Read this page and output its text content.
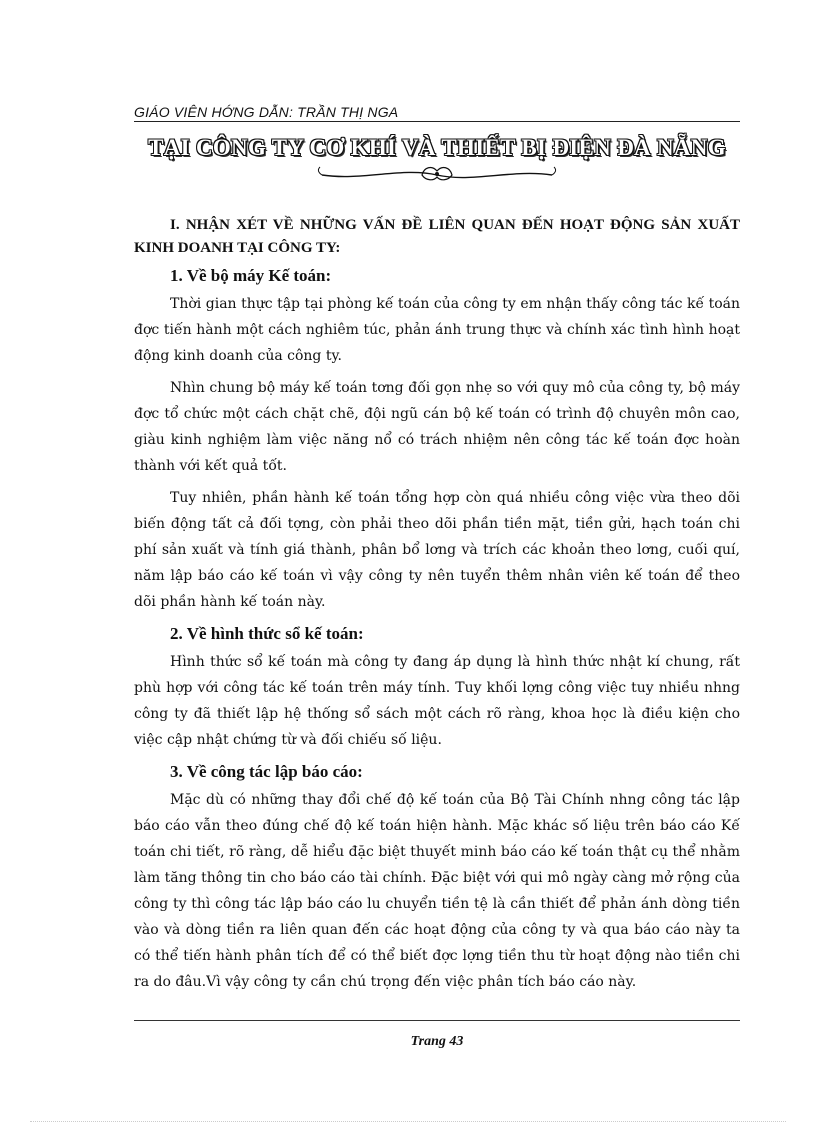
GIÁO VIÊN HỚNG DẪN: TRẦN THỊ NGA
TẠI CÔNG TY CƠ KHÍ VÀ THIẾT BỊ ĐIỆN ĐÀ NẴNG
I. NHẬN XÉT VỀ NHỮNG VẤN ĐỀ LIÊN QUAN ĐẾN HOẠT ĐỘNG SẢN XUẤT KINH DOANH TẠI CÔNG TY:
1. Về bộ máy Kế toán:

Thời gian thực tập tại phòng kế toán của công ty em nhận thấy công tác kế toán đợc tiến hành một cách nghiêm túc, phản ánh trung thực và chính xác tình hình hoạt động kinh doanh của công ty.

Nhìn chung bộ máy kế toán tơng đối gọn nhẹ so với quy mô của công ty, bộ máy đợc tổ chức một cách chặt chẽ, đội ngũ cán bộ kế toán có trình độ chuyên môn cao, giàu kinh nghiệm làm việc năng nổ có trách nhiệm nên công tác kế toán đợc hoàn thành với kết quả tốt.

Tuy nhiên, phần hành kế toán tổng hợp còn quá nhiều công việc vừa theo dõi biến động tất cả đối tợng, còn phải theo dõi phần tiền mặt, tiền gửi, hạch toán chi phí sản xuất và tính giá thành, phân bổ lơng và trích các khoản theo lơng, cuối quí, năm lập báo cáo kế toán vì vậy công ty nên tuyển thêm nhân viên kế toán để theo dõi phần hành kế toán này.

2. Về hình thức sổ kế toán:

Hình thức sổ kế toán mà công ty đang áp dụng là hình thức nhật kí chung, rất phù hợp với công tác kế toán trên máy tính. Tuy khối lợng công việc tuy nhiều nhng công ty đã thiết lập hệ thống sổ sách một cách rõ ràng, khoa học là điều kiện cho việc cập nhật chứng từ và đối chiếu số liệu.

3. Về công tác lập báo cáo:

Mặc dù có những thay đổi chế độ kế toán của Bộ Tài Chính nhng công tác lập báo cáo vẫn theo đúng chế độ kế toán hiện hành. Mặc khác số liệu trên báo cáo Kế toán chi tiết, rõ ràng, dễ hiểu đặc biệt thuyết minh báo cáo kế toán thật cụ thể nhằm làm tăng thông tin cho báo cáo tài chính. Đặc biệt với qui mô ngày càng mở rộng của công ty thì công tác lập báo cáo lu chuyển tiền tệ là cần thiết để phản ánh dòng tiền vào và dòng tiền ra liên quan đến các hoạt động của công ty và qua báo cáo này ta có thể tiến hành phân tích để có thể biết đợc lợng tiền thu từ hoạt động nào tiền chi ra do đâu.Vì vậy công ty cần chú trọng đến việc phân tích báo cáo này.

Trang 43
